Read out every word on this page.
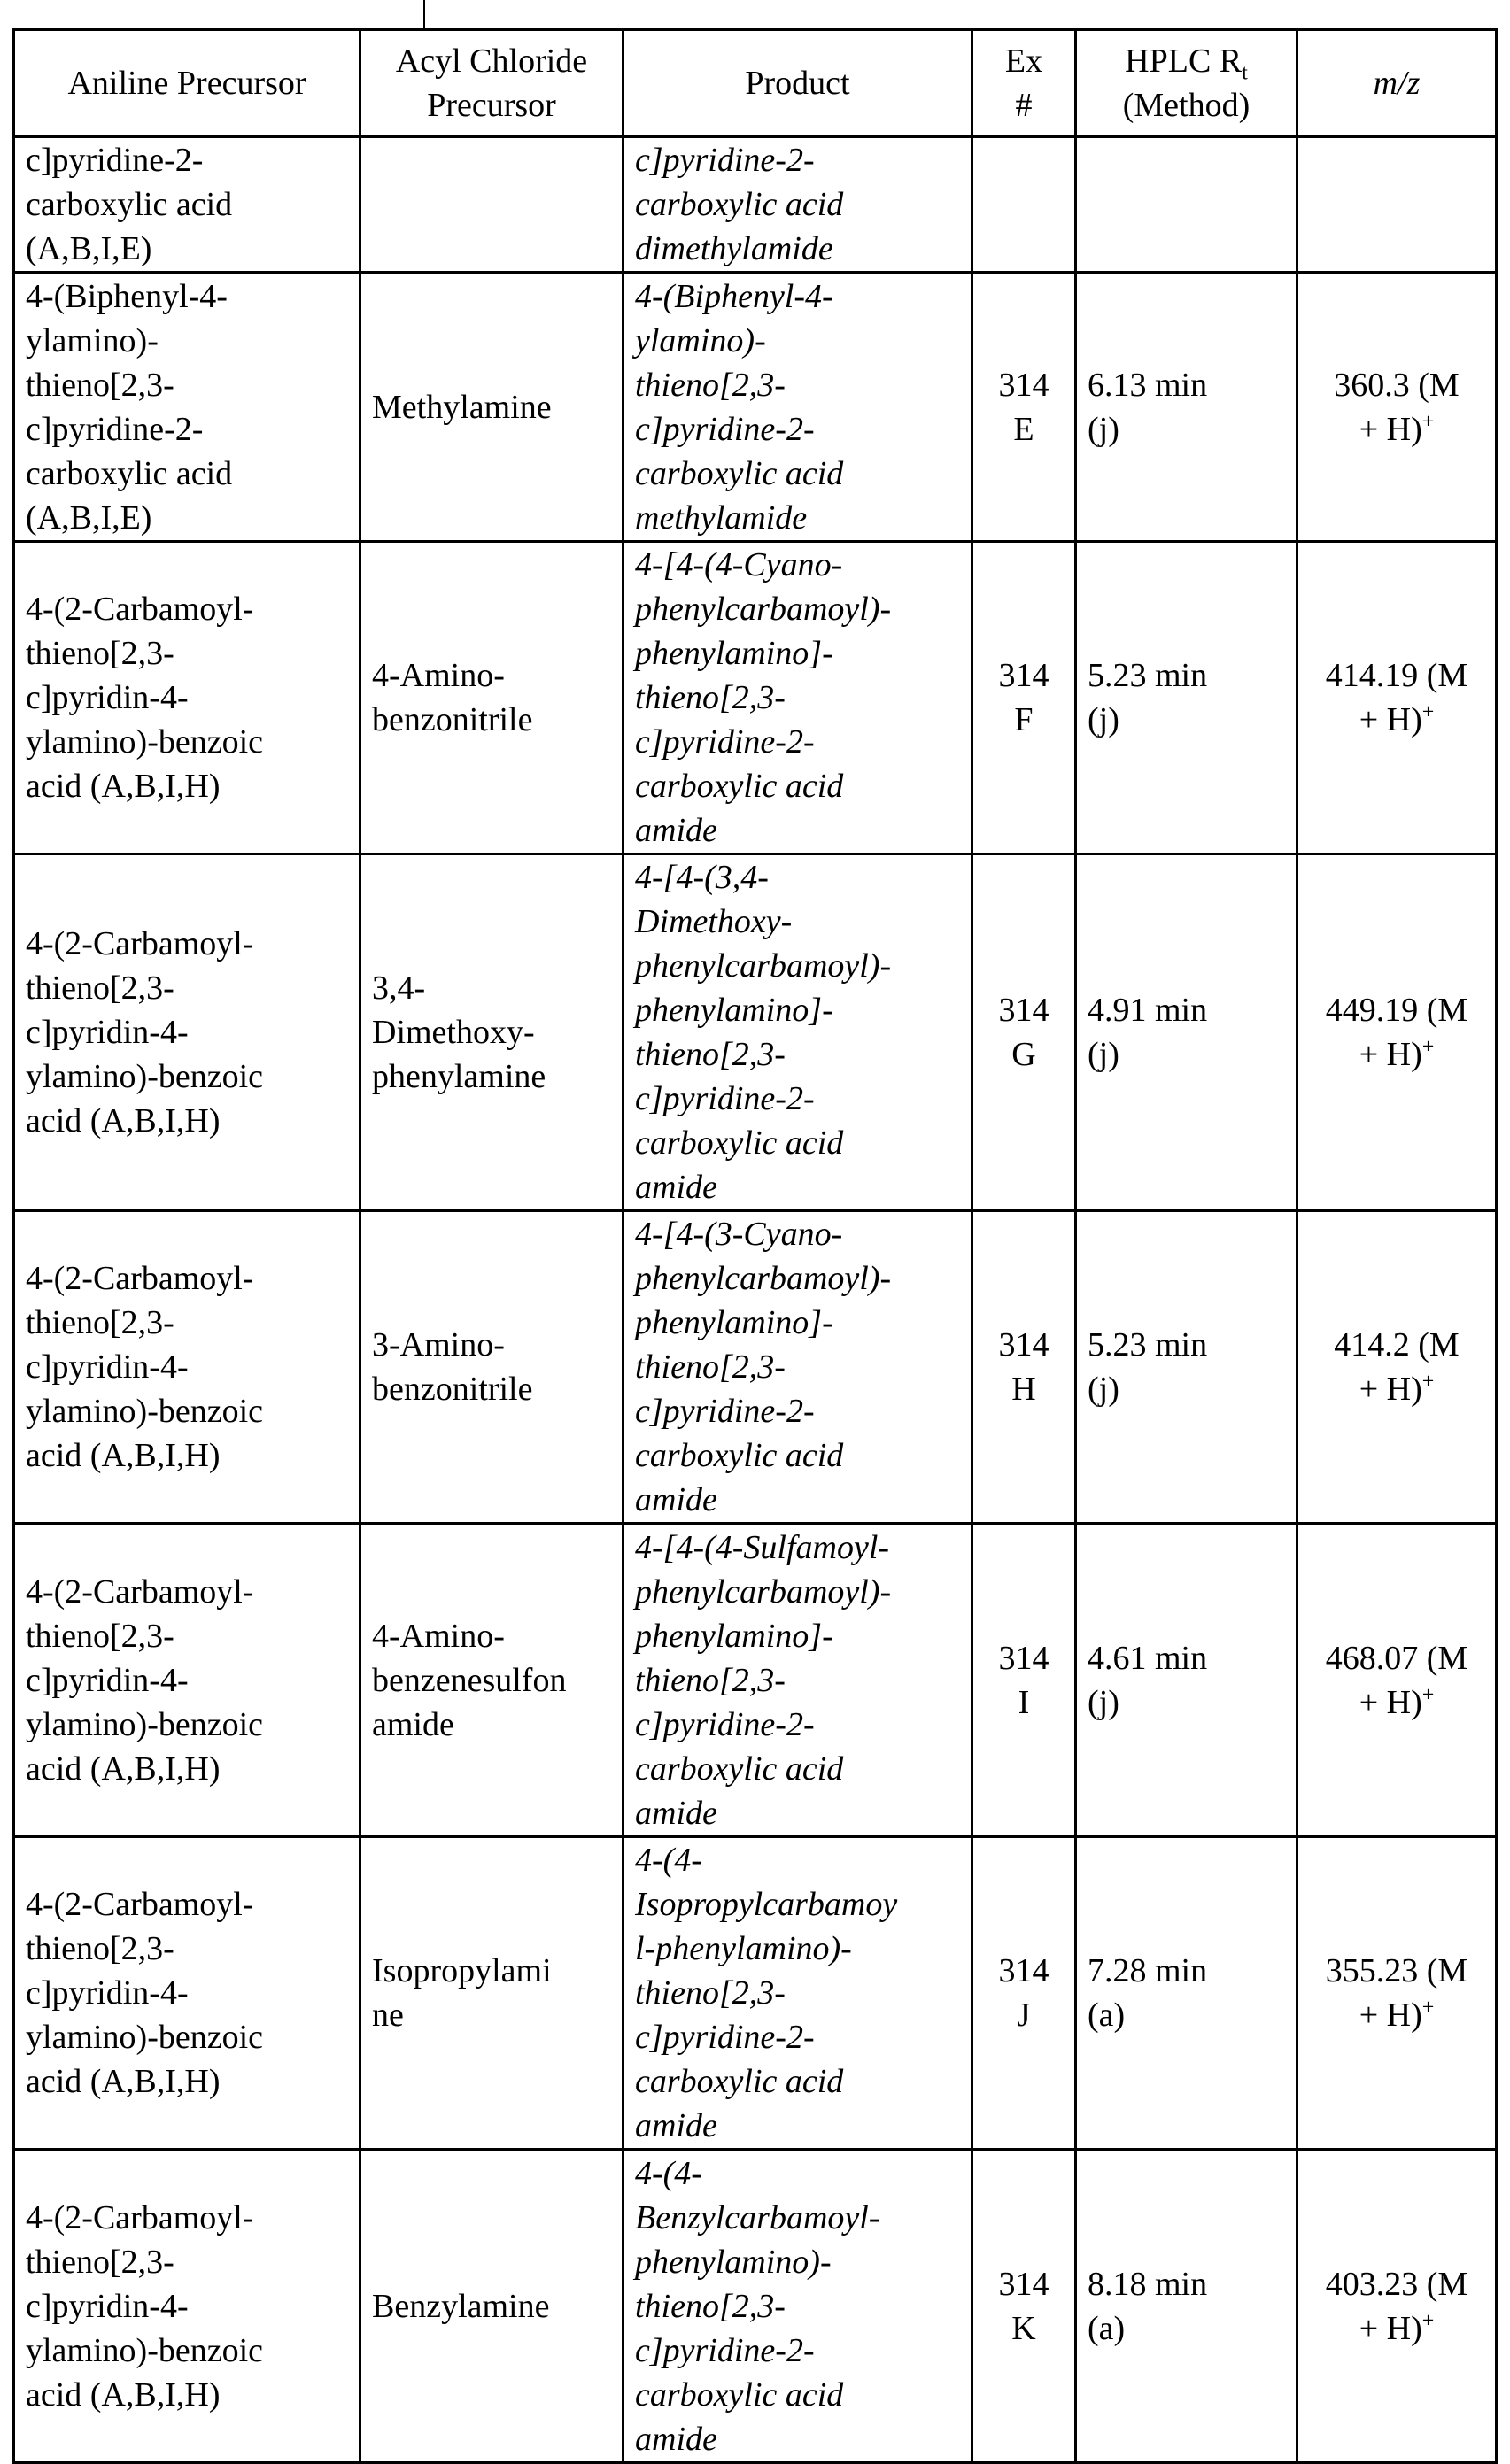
Aniline Precursor	Acyl Chloride
Precursor	Product	Ex
#	HPLC Rt
(Method)	m/z
c]pyridine-2-
carboxylic acid
(A,B,I,E)		c]pyridine-2-
carboxylic acid
dimethylamide			
4-(Biphenyl-4-
ylamino)-
thieno[2,3-
c]pyridine-2-
carboxylic acid
(A,B,I,E)	Methylamine	4-(Biphenyl-4-
ylamino)-
thieno[2,3-
c]pyridine-2-
carboxylic acid
methylamide	314
E	6.13 min
(j)	360.3 (M
+ H)+
4-(2-Carbamoyl-
thieno[2,3-
c]pyridin-4-
ylamino)-benzoic
acid (A,B,I,H)	4-Amino-
benzonitrile	4-[4-(4-Cyano-
phenylcarbamoyl)-
phenylamino]-
thieno[2,3-
c]pyridine-2-
carboxylic acid
amide	314
F	5.23 min
(j)	414.19 (M
+ H)+
4-(2-Carbamoyl-
thieno[2,3-
c]pyridin-4-
ylamino)-benzoic
acid (A,B,I,H)	3,4-
Dimethoxy-
phenylamine	4-[4-(3,4-
Dimethoxy-
phenylcarbamoyl)-
phenylamino]-
thieno[2,3-
c]pyridine-2-
carboxylic acid
amide	314
G	4.91 min
(j)	449.19 (M
+ H)+
4-(2-Carbamoyl-
thieno[2,3-
c]pyridin-4-
ylamino)-benzoic
acid (A,B,I,H)	3-Amino-
benzonitrile	4-[4-(3-Cyano-
phenylcarbamoyl)-
phenylamino]-
thieno[2,3-
c]pyridine-2-
carboxylic acid
amide	314
H	5.23 min
(j)	414.2 (M
+ H)+
4-(2-Carbamoyl-
thieno[2,3-
c]pyridin-4-
ylamino)-benzoic
acid (A,B,I,H)	4-Amino-
benzenesulfon
amide	4-[4-(4-Sulfamoyl-
phenylcarbamoyl)-
phenylamino]-
thieno[2,3-
c]pyridine-2-
carboxylic acid
amide	314
I	4.61 min
(j)	468.07 (M
+ H)+
4-(2-Carbamoyl-
thieno[2,3-
c]pyridin-4-
ylamino)-benzoic
acid (A,B,I,H)	Isopropylami
ne	4-(4-
Isopropylcarbamoy
l-phenylamino)-
thieno[2,3-
c]pyridine-2-
carboxylic acid
amide	314
J	7.28 min
(a)	355.23 (M
+ H)+
4-(2-Carbamoyl-
thieno[2,3-
c]pyridin-4-
ylamino)-benzoic
acid (A,B,I,H)	Benzylamine	4-(4-
Benzylcarbamoyl-
phenylamino)-
thieno[2,3-
c]pyridine-2-
carboxylic acid
amide	314
K	8.18 min
(a)	403.23 (M
+ H)+
